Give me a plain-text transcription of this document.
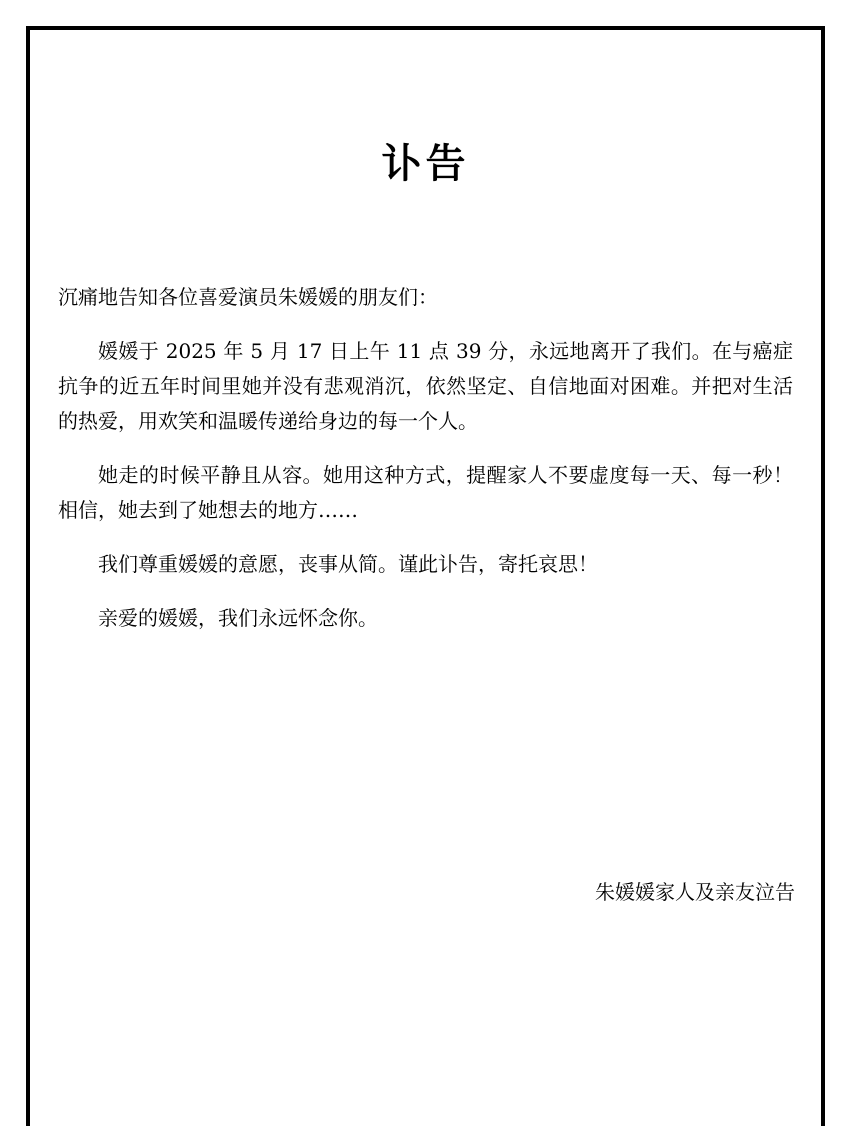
讣告

沉痛地告知各位喜爱演员朱媛媛的朋友们：

媛媛于 2025 年 5 月 17 日上午 11 点 39 分，永远地离开了我们。在与癌症抗争的近五年时间里她并没有悲观消沉，依然坚定、自信地面对困难。并把对生活的热爱，用欢笑和温暖传递给身边的每一个人。

她走的时候平静且从容。她用这种方式，提醒家人不要虚度每一天、每一秒！相信，她去到了她想去的地方……

我们尊重媛媛的意愿，丧事从简。谨此讣告，寄托哀思！

亲爱的媛媛，我们永远怀念你。

朱媛媛家人及亲友泣告
